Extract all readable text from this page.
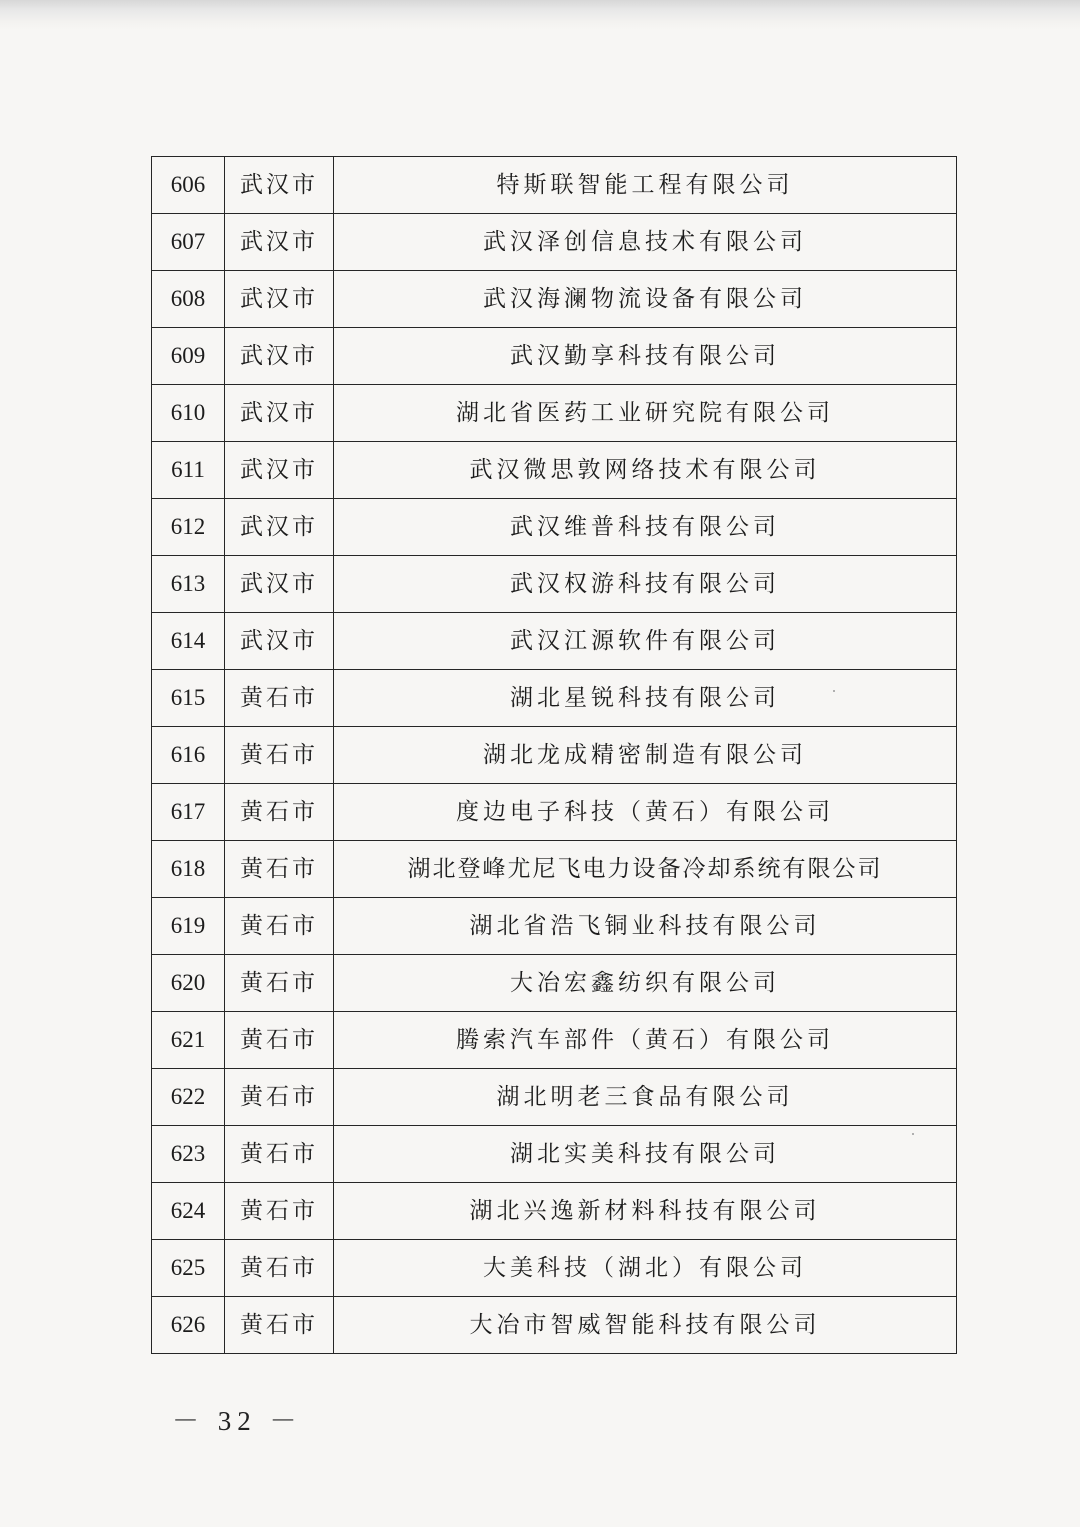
606	武汉市	特斯联智能工程有限公司
607	武汉市	武汉泽创信息技术有限公司
608	武汉市	武汉海澜物流设备有限公司
609	武汉市	武汉勤享科技有限公司
610	武汉市	湖北省医药工业研究院有限公司
611	武汉市	武汉微思敦网络技术有限公司
612	武汉市	武汉维普科技有限公司
613	武汉市	武汉权游科技有限公司
614	武汉市	武汉江源软件有限公司
615	黄石市	湖北星锐科技有限公司
616	黄石市	湖北龙成精密制造有限公司
617	黄石市	度边电子科技（黄石）有限公司
618	黄石市	湖北登峰尤尼飞电力设备冷却系统有限公司
619	黄石市	湖北省浩飞铜业科技有限公司
620	黄石市	大冶宏鑫纺织有限公司
621	黄石市	腾索汽车部件（黄石）有限公司
622	黄石市	湖北明老三食品有限公司
623	黄石市	湖北实美科技有限公司
624	黄石市	湖北兴逸新材料科技有限公司
625	黄石市	大美科技（湖北）有限公司
626	黄石市	大冶市智威智能科技有限公司
－ 32 －
